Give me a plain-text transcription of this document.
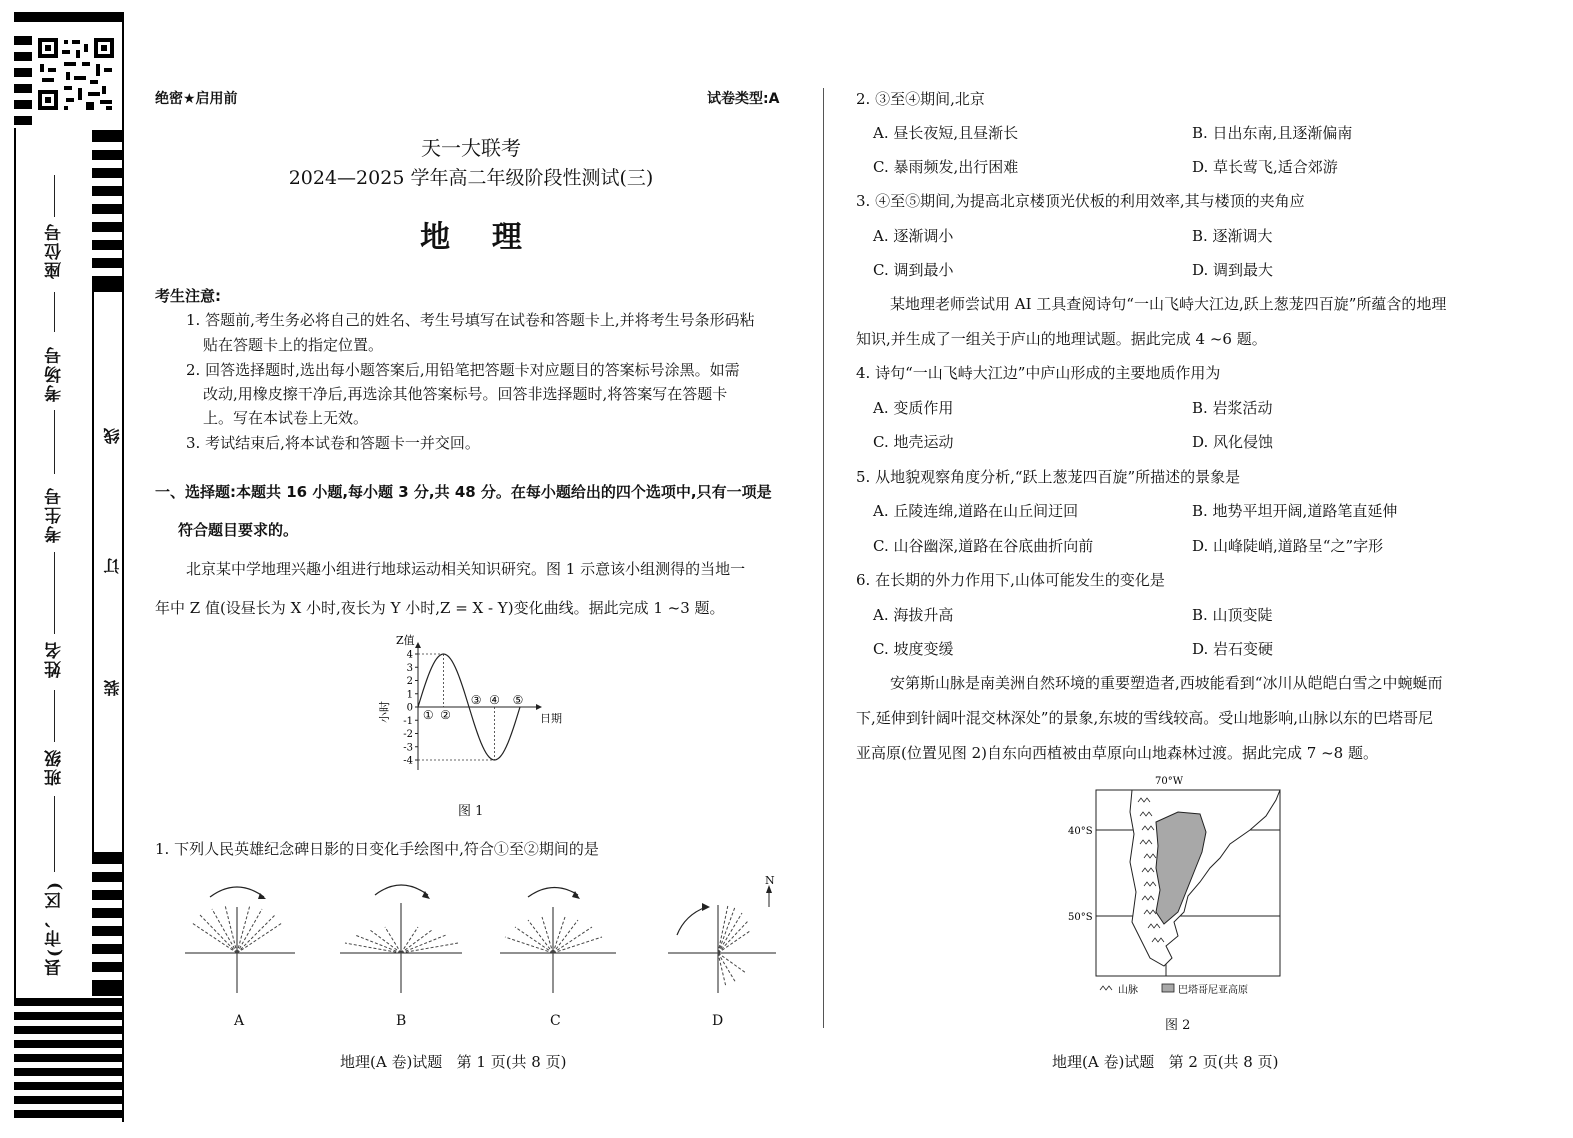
座位号
考场号
考生号
姓名
班级
县(市、区)
线
订
装
绝密★启用前	试卷类型:A
天一大联考
2024—2025 学年高二年级阶段性测试(三)
地    理
考生注意:
1. 答题前,考生务必将自己的姓名、考生号填写在试卷和答题卡上,并将考生号条形码粘
贴在答题卡上的指定位置。
2. 回答选择题时,选出每小题答案后,用铅笔把答题卡对应题目的答案标号涂黑。如需
改动,用橡皮擦干净后,再选涂其他答案标号。回答非选择题时,将答案写在答题卡
上。写在本试卷上无效。
3. 考试结束后,将本试卷和答题卡一并交回。
一、选择题:本题共 16 小题,每小题 3 分,共 48 分。在每小题给出的四个选项中,只有一项是
符合题目要求的。
北京某中学地理兴趣小组进行地球运动相关知识研究。图 1 示意该小组测得的当地一
年中 Z 值(设昼长为 X 小时,夜长为 Y 小时,Z = X - Y)变化曲线。据此完成 1 ~3 题。
Z值
小时	日期
4
3
2
1
0
-1
-2
-3
-4
① ②
③ ④ ⑤
图 1
1. 下列人民英雄纪念碑日影的日变化手绘图中,符合①至②期间的是
N
A	B	C	D
地理(A 卷)试题   第 1 页(共 8 页)
2. ③至④期间,北京
A. 昼长夜短,且昼渐长	B. 日出东南,且逐渐偏南
C. 暴雨频发,出行困难	D. 草长莺飞,适合郊游
3. ④至⑤期间,为提高北京楼顶光伏板的利用效率,其与楼顶的夹角应
A. 逐渐调小	B. 逐渐调大
C. 调到最小	D. 调到最大
某地理老师尝试用 AI 工具查阅诗句“一山飞峙大江边,跃上葱茏四百旋”所蕴含的地理
知识,并生成了一组关于庐山的地理试题。据此完成 4 ~6 题。
4. 诗句“一山飞峙大江边”中庐山形成的主要地质作用为
A. 变质作用	B. 岩浆活动
C. 地壳运动	D. 风化侵蚀
5. 从地貌观察角度分析,“跃上葱茏四百旋”所描述的景象是
A. 丘陵连绵,道路在山丘间迂回	B. 地势平坦开阔,道路笔直延伸
C. 山谷幽深,道路在谷底曲折向前	D. 山峰陡峭,道路呈“之”字形
6. 在长期的外力作用下,山体可能发生的变化是
A. 海拔升高	B. 山顶变陡
C. 坡度变缓	D. 岩石变硬
安第斯山脉是南美洲自然环境的重要塑造者,西坡能看到“冰川从皑皑白雪之中蜿蜒而
下,延伸到针阔叶混交林深处”的景象,东坡的雪线较高。受山地影响,山脉以东的巴塔哥尼
亚高原(位置见图 2)自东向西植被由草原向山地森林过渡。据此完成 7 ~8 题。
70°W
40°S
50°S
山脉	巴塔哥尼亚高原
图 2
地理(A 卷)试题   第 2 页(共 8 页)
